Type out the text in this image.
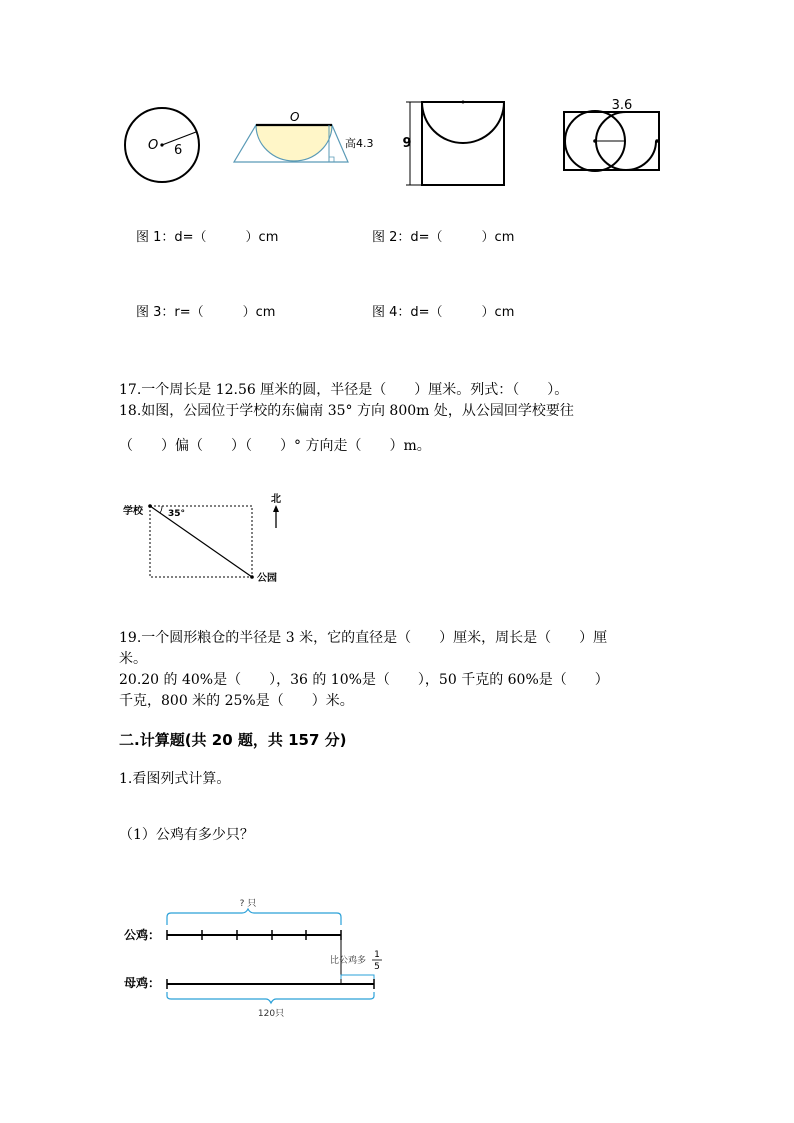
O 6
O
高4.3 9
3.6
图 1：d=（　　　）cm	图 2：d=（　　　）cm
图 3：r=（　　　）cm	图 4：d=（　　　）cm
17.一个周长是 12.56 厘米的圆，半径是（　　）厘米。列式：（　　）。
18.如图，公园位于学校的东偏南 35° 方向 800m 处，从公园回学校要往
（　　）偏（　　）（　　）° 方向走（　　）m。
学校	35°
公园
北
19.一个圆形粮仓的半径是 3 米，它的直径是（　　）厘米，周长是（　　）厘
米。
20.20 的 40%是（　　），36 的 10%是（　　），50 千克的 60%是（　　）
千克，800 米的 25%是（　　）米。
二.计算题(共 20 题，共 157 分)
1.看图列式计算。
（1）公鸡有多少只？
? 只
公鸡：
比公鸡多
1
5
母鸡：
120只
